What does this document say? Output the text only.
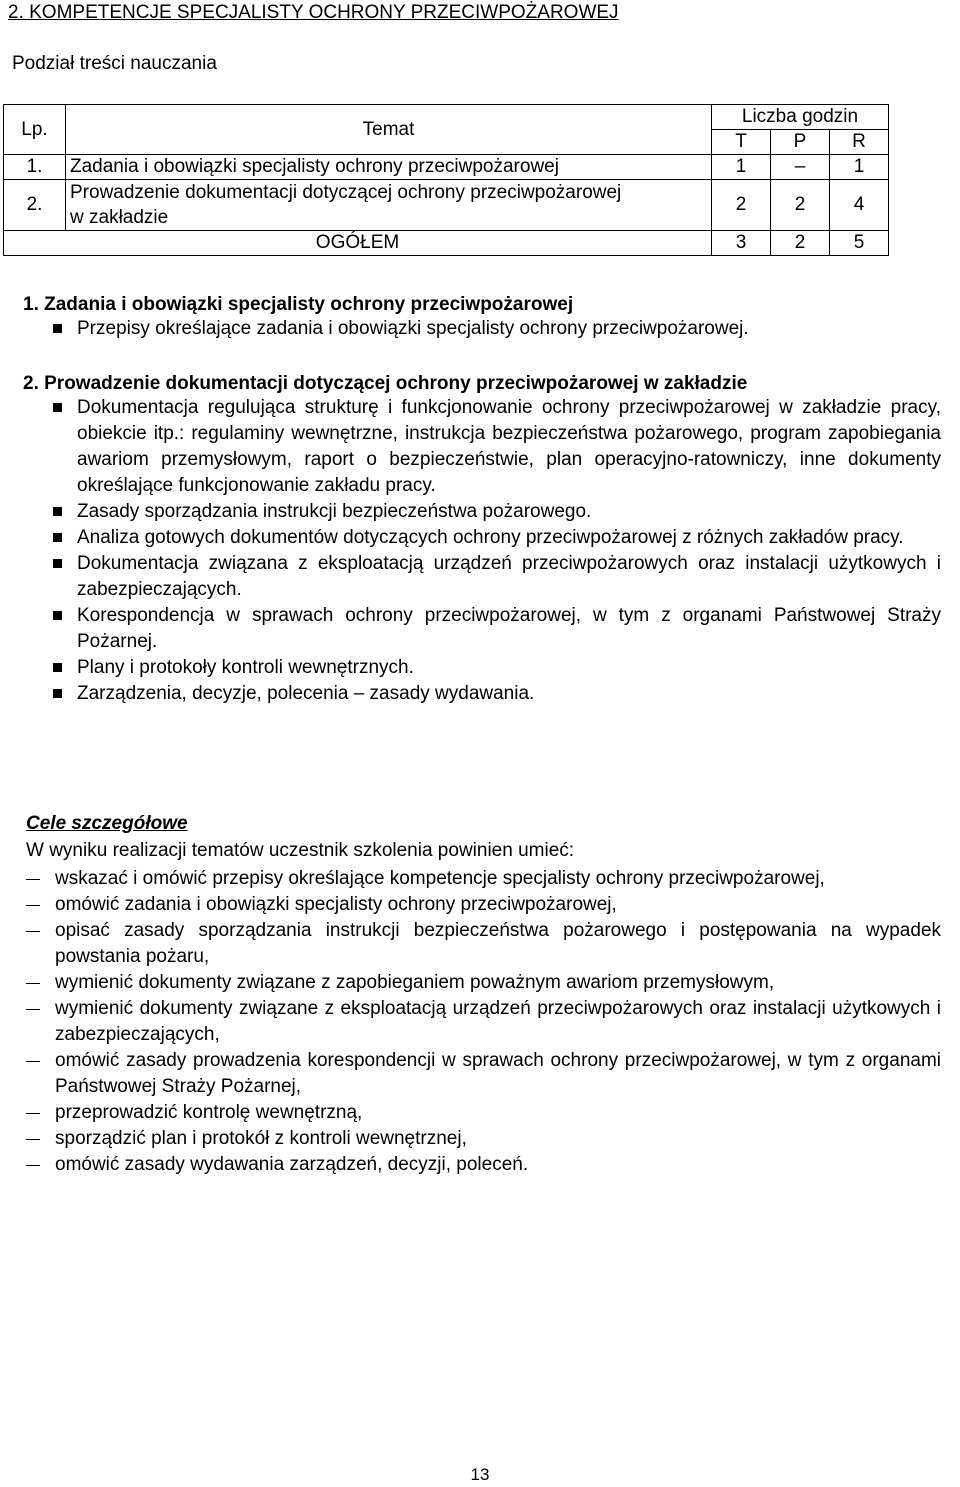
2. KOMPETENCJE SPECJALISTY OCHRONY PRZECIWPOŻAROWEJ
Podział treści nauczania
Lp.	Temat	Liczba godzin		
		T	P	R
1.	Zadania i obowiązki specjalisty ochrony przeciwpożarowej	1	–	1
2.	Prowadzenie dokumentacji dotyczącej ochrony przeciwpożarowej
w zakładzie	2	2	4
OGÓŁEM		3	2	5
1. Zadania i obowiązki specjalisty ochrony przeciwpożarowej
Przepisy określające zadania i obowiązki specjalisty ochrony przeciwpożarowej.
2. Prowadzenie dokumentacji dotyczącej ochrony przeciwpożarowej w zakładzie
Dokumentacja regulująca strukturę i funkcjonowanie ochrony przeciwpożarowej w zakładzie pracy, obiekcie itp.: regulaminy wewnętrzne, instrukcja bezpieczeństwa pożarowego, program zapobiegania awariom przemysłowym, raport o bezpieczeństwie, plan operacyjno-ratowniczy, inne dokumenty określające funkcjonowanie zakładu pracy.
Zasady sporządzania instrukcji bezpieczeństwa pożarowego.
Analiza gotowych dokumentów dotyczących ochrony przeciwpożarowej z różnych zakładów pracy.
Dokumentacja związana z eksploatacją urządzeń przeciwpożarowych oraz instalacji użytkowych i zabezpieczających.
Korespondencja w sprawach ochrony przeciwpożarowej, w tym z organami Państwowej Straży Pożarnej.
Plany i protokoły kontroli wewnętrznych.
Zarządzenia, decyzje, polecenia – zasady wydawania.
Cele szczegółowe
W wyniku realizacji tematów uczestnik szkolenia powinien umieć:
wskazać i omówić przepisy określające kompetencje specjalisty ochrony przeciwpożarowej,
omówić zadania i obowiązki specjalisty ochrony przeciwpożarowej,
opisać zasady sporządzania instrukcji bezpieczeństwa pożarowego i postępowania na wypadek powstania pożaru,
wymienić dokumenty związane z zapobieganiem poważnym awariom przemysłowym,
wymienić dokumenty związane z eksploatacją urządzeń przeciwpożarowych oraz instalacji użytkowych i zabezpieczających,
omówić zasady prowadzenia korespondencji w sprawach ochrony przeciwpożarowej, w tym z organami Państwowej Straży Pożarnej,
przeprowadzić kontrolę wewnętrzną,
sporządzić plan i protokół z kontroli wewnętrznej,
omówić zasady wydawania zarządzeń, decyzji, poleceń.
13
